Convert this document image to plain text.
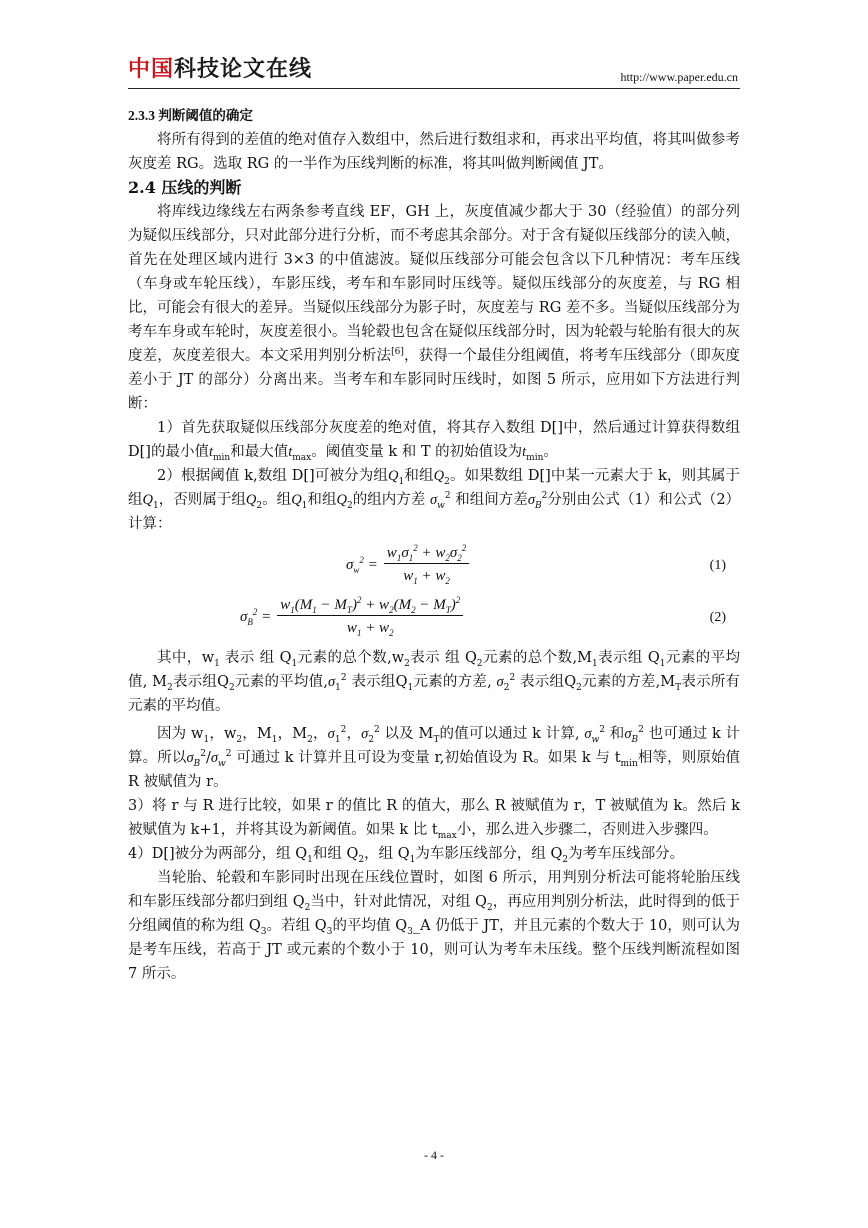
中国 科技论文在线	http://www.paper.edu.cn

2.3.3 判断阈值的确定

将所有得到的差值的绝对值存入数组中，然后进行数组求和，再求出平均值，将其叫做参考灰度差 RG。选取 RG 的一半作为压线判断的标准，将其叫做判断阈值 JT。

2.4 压线的判断

将库线边缘线左右两条参考直线 EF，GH 上，灰度值减少都大于 30（经验值）的部分列为疑似压线部分，只对此部分进行分析，而不考虑其余部分。对于含有疑似压线部分的读入帧，首先在处理区域内进行 3×3 的中值滤波。疑似压线部分可能会包含以下几种情况：考车压线（车身或车轮压线），车影压线，考车和车影同时压线等。疑似压线部分的灰度差，与 RG 相比，可能会有很大的差异。当疑似压线部分为影子时，灰度差与 RG 差不多。当疑似压线部分为考车车身或车轮时，灰度差很小。当轮毂也包含在疑似压线部分时，因为轮毂与轮胎有很大的灰度差，灰度差很大。本文采用判别分析法[6]，获得一个最佳分组阈值，将考车压线部分（即灰度差小于 JT 的部分）分离出来。当考车和车影同时压线时，如图 5 所示，应用如下方法进行判断：

1）首先获取疑似压线部分灰度差的绝对值，将其存入数组 D[]中，然后通过计算获得数组 D[]的最小值$t_{min}$和最大值$t_{max}$。阈值变量 k 和 T 的初始值设为$t_{min}$。

2）根据阈值 k,数组 D[]可被分为组$Q_1$和组$Q_2$。如果数组 D[]中某一元素大于 k，则其属于组$Q_1$，否则属于组$Q_2$。组$Q_1$和组$Q_2$的组内方差 $\sigma_w^2$ 和组间方差$\sigma_B^2$分别由公式（1）和公式（2）计算：

$\sigma_w^2 = \frac{w_1\sigma_1^2 + w_2\sigma_2^2}{w_1 + w_2}$	(1)
$\sigma_B^2 = \frac{w_1(M_1 - M_T)^2 + w_2(M_2 - M_T)^2}{w_1 + w_2}$	(2)

其中，$w_1$ 表示 组 $Q_1$元素的总个数$,w_2$表示 组 $Q_2$元素的总个数$,M_1$表示组 $Q_1$元素的平均值, $M_2$表示组$Q_2$元素的平均值$,\sigma_1^2$ 表示组$Q_1$元素的方差, $\sigma_2^2$ 表示组$Q_2$元素的方差$,M_T$表示所有元素的平均值。

因为 $w_1$，$w_2$，$M_1$，$M_2$，$\sigma_1^2$，$\sigma_2^2$ 以及 $M_T$的值可以通过 k 计算, $\sigma_w^2$ 和$\sigma_B^2$ 也可通过 k 计算。所以$\sigma_B^2/\sigma_w^2$ 可通过 k 计算并且可设为变量 r,初始值设为 R。如果 k 与 $t_{min}$相等，则原始值 R 被赋值为 r。

3）将 r 与 R 进行比较，如果 r 的值比 R 的值大，那么 R 被赋值为 r，T 被赋值为 k。然后 k 被赋值为 k+1，并将其设为新阈值。如果 k 比 $t_{max}$小，那么进入步骤二，否则进入步骤四。

4）D[]被分为两部分，组 $Q_1$和组 $Q_2$，组 $Q_1$为车影压线部分，组 $Q_2$为考车压线部分。

当轮胎、轮毂和车影同时出现在压线位置时，如图 6 所示，用判别分析法可能将轮胎压线和车影压线部分都归到组 $Q_2$当中，针对此情况，对组 $Q_2$，再应用判别分析法，此时得到的低于分组阈值的称为组 $Q_3$。若组 $Q_3$的平均值 $Q_3\_A$ 仍低于 JT，并且元素的个数大于 10，则可认为是考车压线，若高于 JT 或元素的个数小于 10，则可认为考车未压线。整个压线判断流程如图 7 所示。

- 4 -
